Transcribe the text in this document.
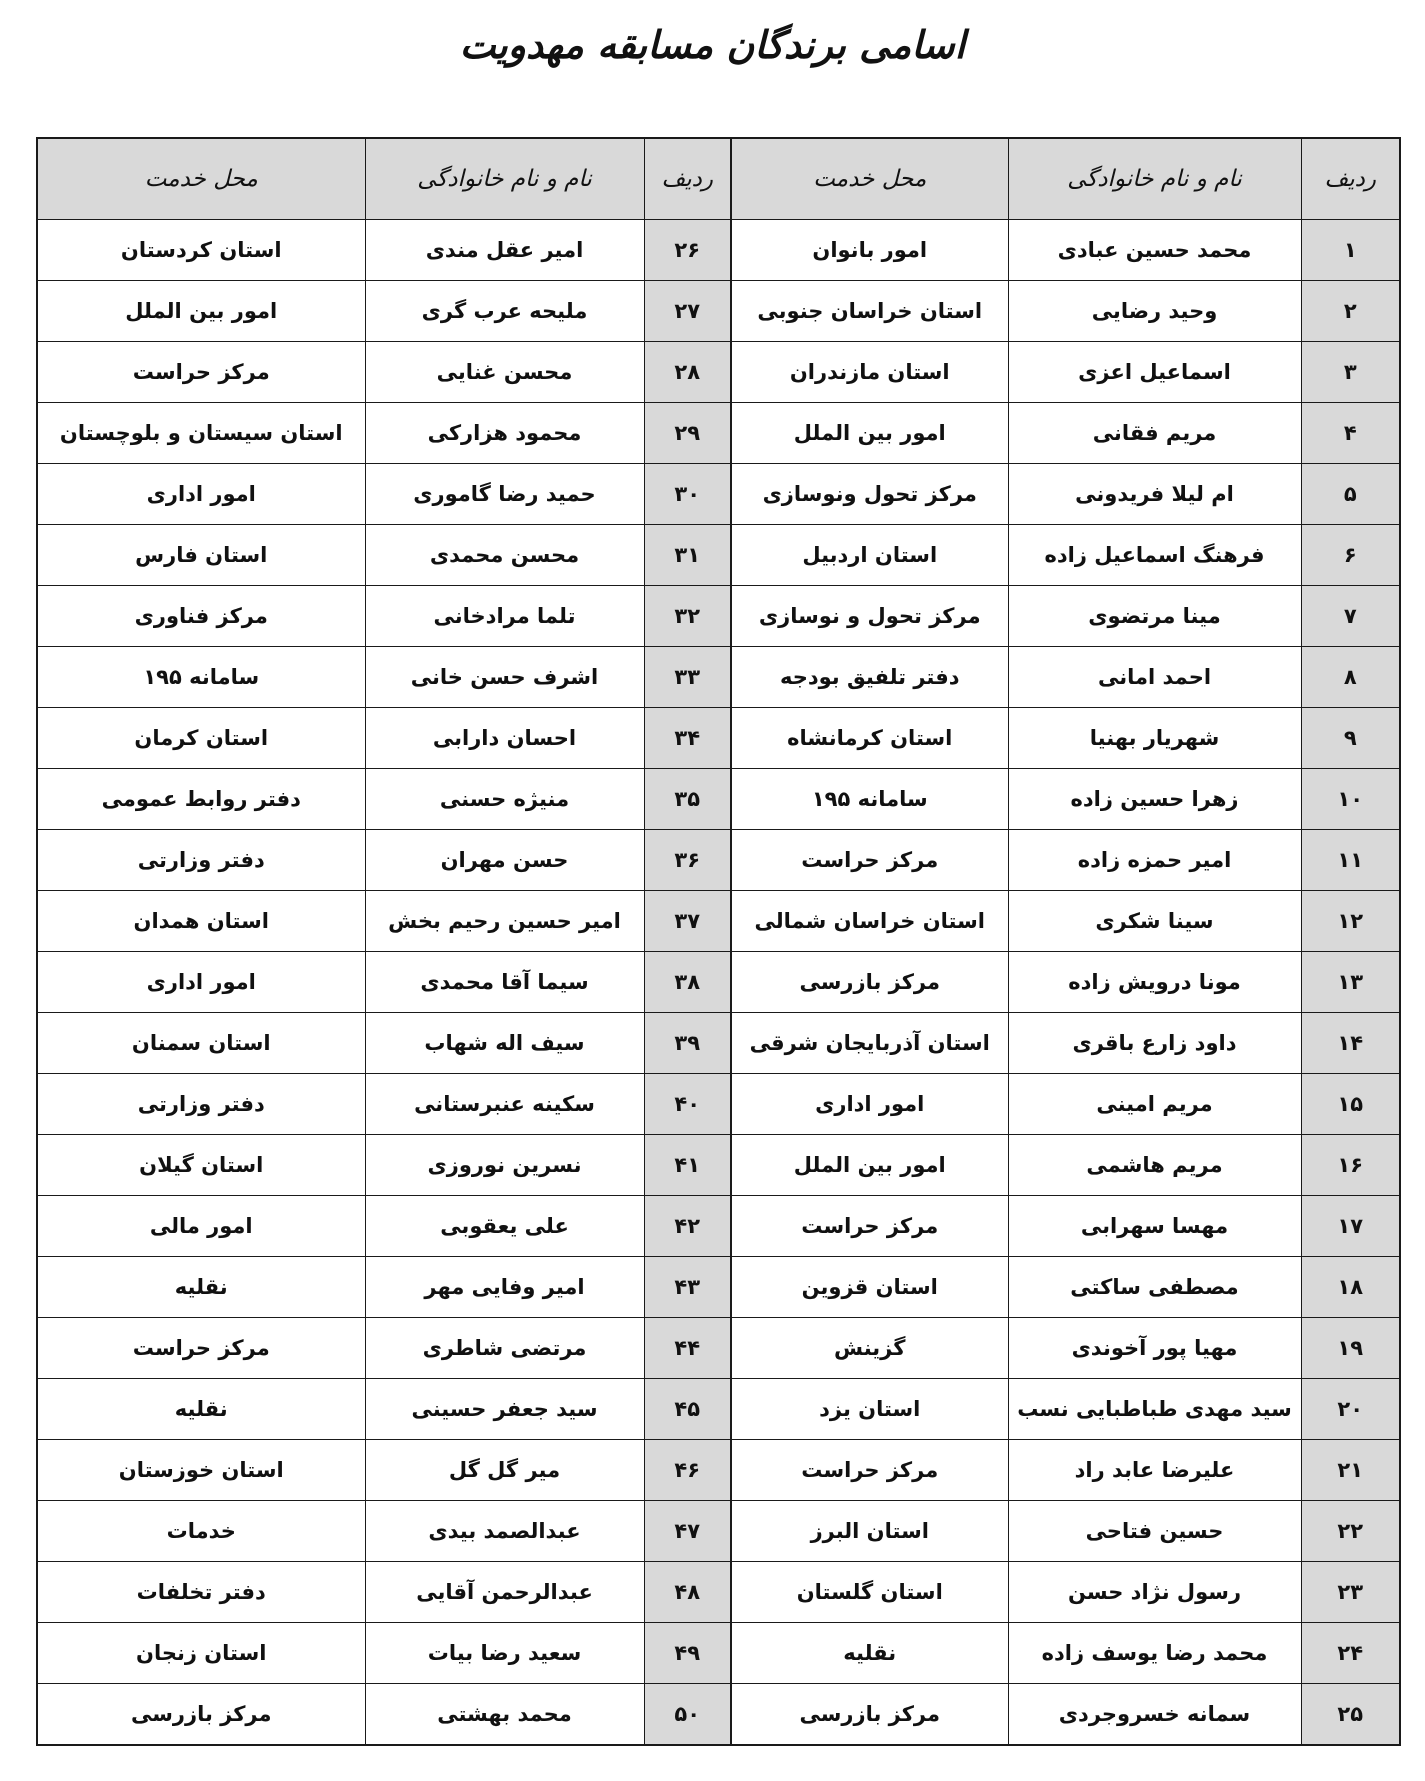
اسامی برندگان مسابقه مهدویت
ردیف	نام و نام خانوادگی	محل خدمت	ردیف	نام و نام خانوادگی	محل خدمت
۱	محمد حسین عبادی	امور بانوان	۲۶	امیر عقل مندی	استان کردستان
۲	وحید رضایی	استان خراسان جنوبی	۲۷	ملیحه عرب گری	امور بین الملل
۳	اسماعیل اعزی	استان مازندران	۲۸	محسن غنایی	مرکز حراست
۴	مریم فقانی	امور بین الملل	۲۹	محمود هزارکی	استان سیستان و بلوچستان
۵	ام لیلا فریدونی	مرکز تحول ونوسازی	۳۰	حمید رضا گاموری	امور اداری
۶	فرهنگ اسماعیل زاده	استان اردبیل	۳۱	محسن محمدی	استان فارس
۷	مینا مرتضوی	مرکز تحول و نوسازی	۳۲	تلما مرادخانی	مرکز فناوری
۸	احمد امانی	دفتر تلفیق بودجه	۳۳	اشرف حسن خانی	سامانه ۱۹۵
۹	شهریار بهنیا	استان کرمانشاه	۳۴	احسان دارابی	استان کرمان
۱۰	زهرا حسین زاده	سامانه ۱۹۵	۳۵	منیژه حسنی	دفتر روابط عمومی
۱۱	امیر حمزه زاده	مرکز حراست	۳۶	حسن مهران	دفتر وزارتی
۱۲	سینا شکری	استان خراسان شمالی	۳۷	امیر حسین رحیم بخش	استان همدان
۱۳	مونا درویش زاده	مرکز بازرسی	۳۸	سیما آقا محمدی	امور اداری
۱۴	داود زارع باقری	استان آذربایجان شرقی	۳۹	سیف اله شهاب	استان سمنان
۱۵	مریم امینی	امور اداری	۴۰	سکینه عنبرستانی	دفتر وزارتی
۱۶	مریم هاشمی	امور بین الملل	۴۱	نسرین نوروزی	استان گیلان
۱۷	مهسا سهرابی	مرکز حراست	۴۲	علی یعقوبی	امور مالی
۱۸	مصطفی ساکتی	استان قزوین	۴۳	امیر وفایی مهر	نقلیه
۱۹	مهیا پور آخوندی	گزینش	۴۴	مرتضی شاطری	مرکز حراست
۲۰	سید مهدی طباطبایی نسب	استان یزد	۴۵	سید جعفر حسینی	نقلیه
۲۱	علیرضا عابد راد	مرکز حراست	۴۶	میر گل گل	استان خوزستان
۲۲	حسین فتاحی	استان البرز	۴۷	عبدالصمد بیدی	خدمات
۲۳	رسول نژاد حسن	استان گلستان	۴۸	عبدالرحمن آقایی	دفتر تخلفات
۲۴	محمد رضا یوسف زاده	نقلیه	۴۹	سعید رضا بیات	استان زنجان
۲۵	سمانه خسروجردی	مرکز بازرسی	۵۰	محمد بهشتی	مرکز بازرسی
